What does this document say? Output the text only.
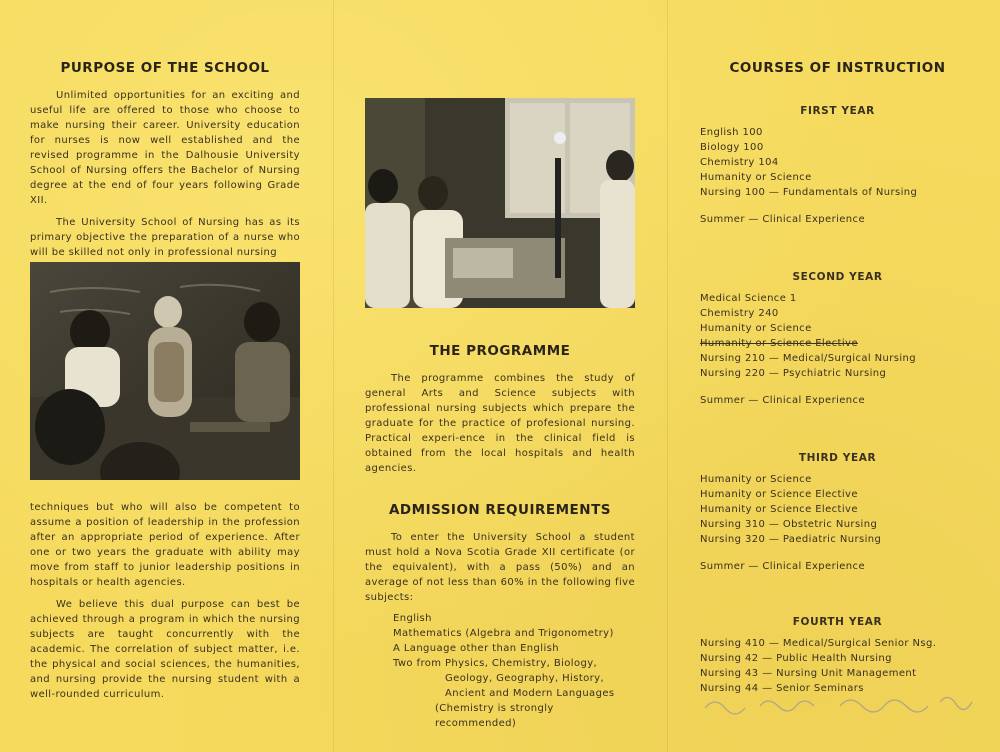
PURPOSE OF THE SCHOOL

Unlimited opportunities for an exciting and useful life are offered to those who choose to make nursing their career. University education for nurses is now well established and the revised programme in the Dalhousie University School of Nursing offers the Bachelor of Nursing degree at the end of four years following Grade XII.

The University School of Nursing has as its primary objective the preparation of a nurse who will be skilled not only in professional nursing

techniques but who will also be competent to assume a position of leadership in the profession after an appropriate period of experience. After one or two years the graduate with ability may move from staff to junior leadership positions in hospitals or health agencies.

We believe this dual purpose can best be achieved through a program in which the nursing subjects are taught concurrently with the academic. The correlation of subject matter, i.e. the physical and social sciences, the humanities, and nursing provide the nursing student with a well-rounded curriculum.

THE PROGRAMME

The programme combines the study of general Arts and Science subjects with professional nursing subjects which prepare the graduate for the practice of profesional nursing. Practical experi-ence in the clinical field is obtained from the local hospitals and health agencies.

ADMISSION REQUIREMENTS

To enter the University School a student must hold a Nova Scotia Grade XII certificate (or the equivalent), with a pass (50%) and an average of not less than 60% in the following five subjects:

English
Mathematics (Algebra and Trigonometry)
A Language other than English
Two from Physics, Chemistry, Biology,
Geology, Geography, History,
Ancient and Modern Languages
(Chemistry is strongly recommended)
COURSES OF INSTRUCTION

FIRST YEAR

English 100

Biology 100

Chemistry 104

Humanity or Science

Nursing 100 — Fundamentals of Nursing

Summer — Clinical Experience

SECOND YEAR

Medical Science 1

Chemistry 240

Humanity or Science

Humanity or Science Elective

Nursing 210 — Medical/Surgical Nursing

Nursing 220 — Psychiatric Nursing

Summer — Clinical Experience

THIRD YEAR

Humanity or Science

Humanity or Science Elective

Humanity or Science Elective

Nursing 310 — Obstetric Nursing

Nursing 320 — Paediatric Nursing

Summer — Clinical Experience

FOURTH YEAR

Nursing 410 — Medical/Surgical Senior Nsg.

Nursing 42 — Public Health Nursing

Nursing 43 — Nursing Unit Management

Nursing 44 — Senior Seminars
